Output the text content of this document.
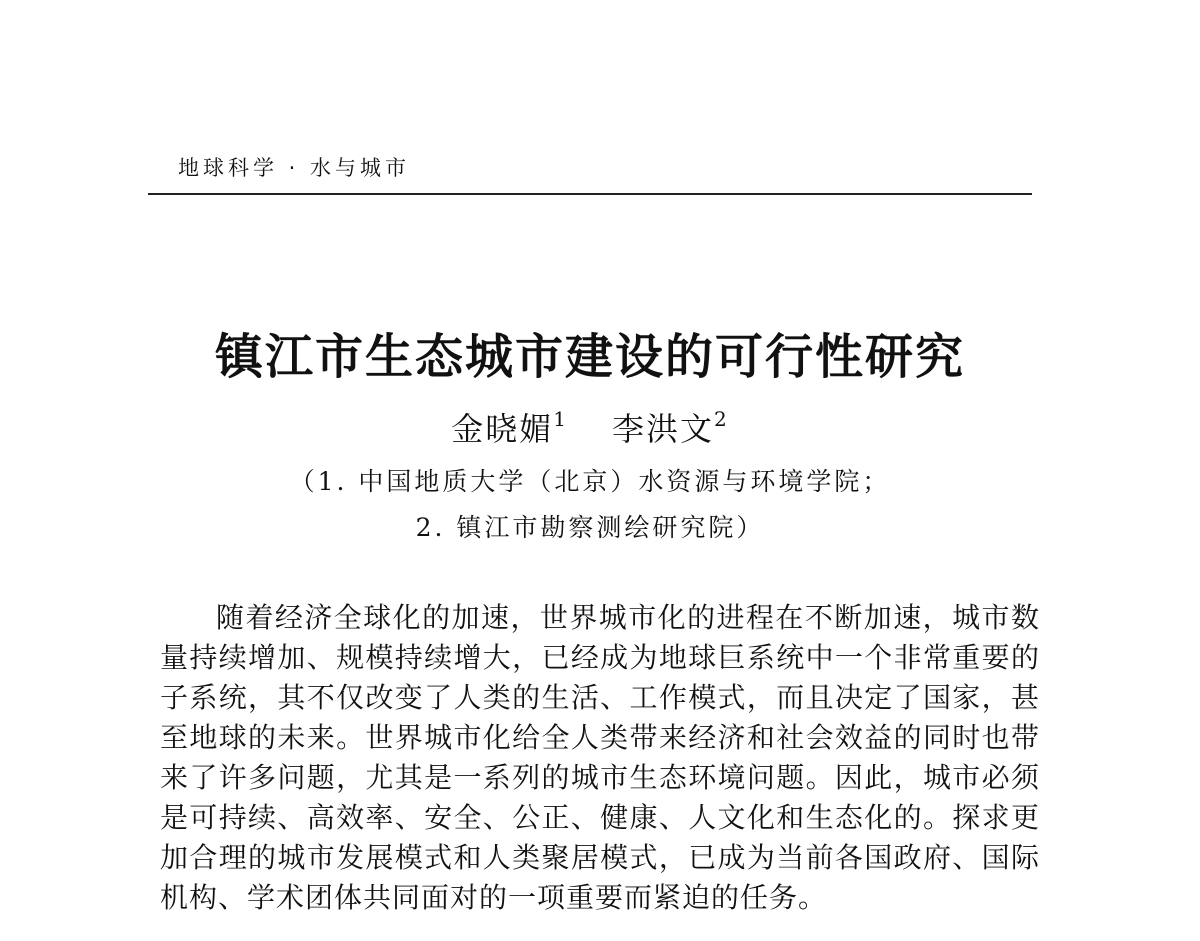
地球科学 · 水与城市
镇江市生态城市建设的可行性研究
金晓媚$^1$ 李洪文$^2$
（1. 中国地质大学（北京）水资源与环境学院；
2. 镇江市勘察测绘研究院）
随着经济全球化的加速，世界城市化的进程在不断加速，城市数量持续增加、规模持续增大，已经成为地球巨系统中一个非常重要的子系统，其不仅改变了人类的生活、工作模式，而且决定了国家，甚至地球的未来。世界城市化给全人类带来经济和社会效益的同时也带来了许多问题，尤其是一系列的城市生态环境问题。因此，城市必须是可持续、高效率、安全、公正、健康、人文化和生态化的。探求更加合理的城市发展模式和人类聚居模式，已成为当前各国政府、国际机构、学术团体共同面对的一项重要而紧迫的任务。
